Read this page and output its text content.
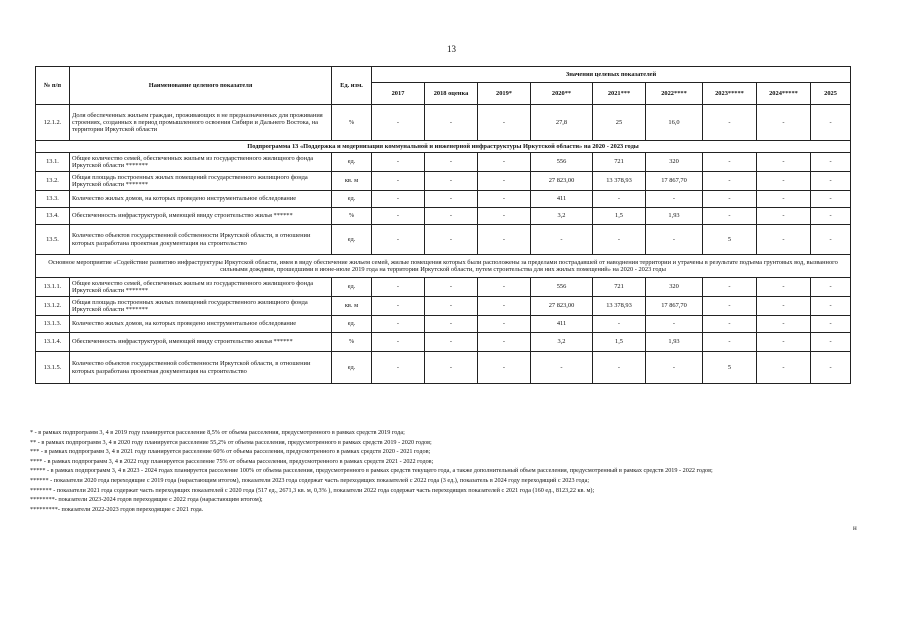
13
№ п/п	Наименование целевого показателя	Ед. изм.	Значения целевых показателей								
			2017	2018 оценка	2019*	2020**	2021***	2022****	2023*****	2024*****	2025
12.1.2.	Доля обеспеченных жильем граждан, проживающих в не предназначенных для проживания строениях, созданных в период промышленного освоения Сибири и Дальнего Востока, на территории Иркутской области	%	-	-	-	27,8	25	16,0	-	-	-
Подпрограмма 13 «Поддержка и модернизация коммунальной и инженерной инфраструктуры Иркутской области» на 2020 - 2023 годы											
13.1.	Общее количество семей, обеспеченных жильем из государственного жилищного фонда Иркутской области *******	ед.	-	-	-	556	721	320	-	-	-
13.2.	Общая площадь построенных жилых помещений государственного жилищного фонда Иркутской области *******	кв. м	-	-	-	27 823,00	13 378,93	17 867,70	-	-	-
13.3.	Количество жилых домов, на которых проведено инструментальное обследование	ед.	-	-	-	411	-	-	-	-	-
13.4.	Обеспеченность инфраструктурой, имеющей ввиду строительство жилья ******	%	-	-	-	3,2	1,5	1,93	-	-	-
13.5.	Количество объектов государственной собственности Иркутской области, в отношении которых разработана проектная документация на строительство	ед.	-	-	-	-	-	-	5	-	-
Основное мероприятие «Содействие развитию инфраструктуры Иркутской области, имея в виду обеспечение жильем семей, жилые помещения которых были расположены за пределами пострадавшей от наводнения территории и утрачены в результате подъема грунтовых вод, вызванного сильными дождями, прошедшими в июне-июле 2019 года на территории Иркутской области, путем строительства для них жилых помещений» на 2020 - 2023 годы											
13.1.1.	Общее количество семей, обеспеченных жильем из государственного жилищного фонда Иркутской области *******	ед.	-	-	-	556	721	320	-	-	-
13.1.2.	Общая площадь построенных жилых помещений государственного жилищного фонда Иркутской области *******	кв. м	-	-	-	27 823,00	13 378,93	17 867,70	-	-	-
13.1.3.	Количество жилых домов, на которых проведено инструментальное обследование	ед.	-	-	-	411	-	-	-	-	-
13.1.4.	Обеспеченность инфраструктурой, имеющей ввиду строительство жилья ******	%	-	-	-	3,2	1,5	1,93	-	-	-
13.1.5.	Количество объектов государственной собственности Иркутской области, в отношении которых разработана проектная документация на строительство	ед.	-	-	-	-	-	-	5	-	-
* - в рамках подпрограмм 3, 4 в 2019 году планируется расселение 8,5% от объема расселения, предусмотренного в рамках средств 2019 года;
** - в рамках подпрограмм 3, 4 в 2020 году планируется расселение 55,2% от объема расселения, предусмотренного в рамках средств 2019 - 2020 годов;
*** - в рамках подпрограмм 3, 4 в 2021 году планируется расселение 60% от объема расселения, предусмотренного в рамках средств 2020 - 2021 годов;
**** - в рамках подпрограмм 3, 4 в 2022 году планируется расселение 75% от объема расселения, предусмотренного в рамках средств 2021 - 2022 годов;
***** - в рамках подпрограмм 3, 4 в 2023 - 2024 годах планируется расселение 100% от объема расселения, предусмотренного в рамках средств текущего года, а также дополнительный объем расселения, предусмотренный в рамках средств 2019 - 2022 годов;
****** - показатели 2020 года переходящие с 2019 года (нарастающим итогом), показатели 2023 года содержат часть переходящих показателей с 2022 года (3 ед.), показатель в 2024 году переходящий с 2023 года;
******* - показатели 2021 года содержат часть переходящих показателей с 2020 года (517 ед., 2671,3 кв. м, 0,3% ), показатели 2022 года содержат часть переходящих показателей с 2021 года (160 ед., 8123,22 кв. м);
********- показатели 2023-2024 годов переходящие с 2022 года (нарастающим итогом);
*********- показатели 2022-2023 годов переходящие с 2021 года.
н
